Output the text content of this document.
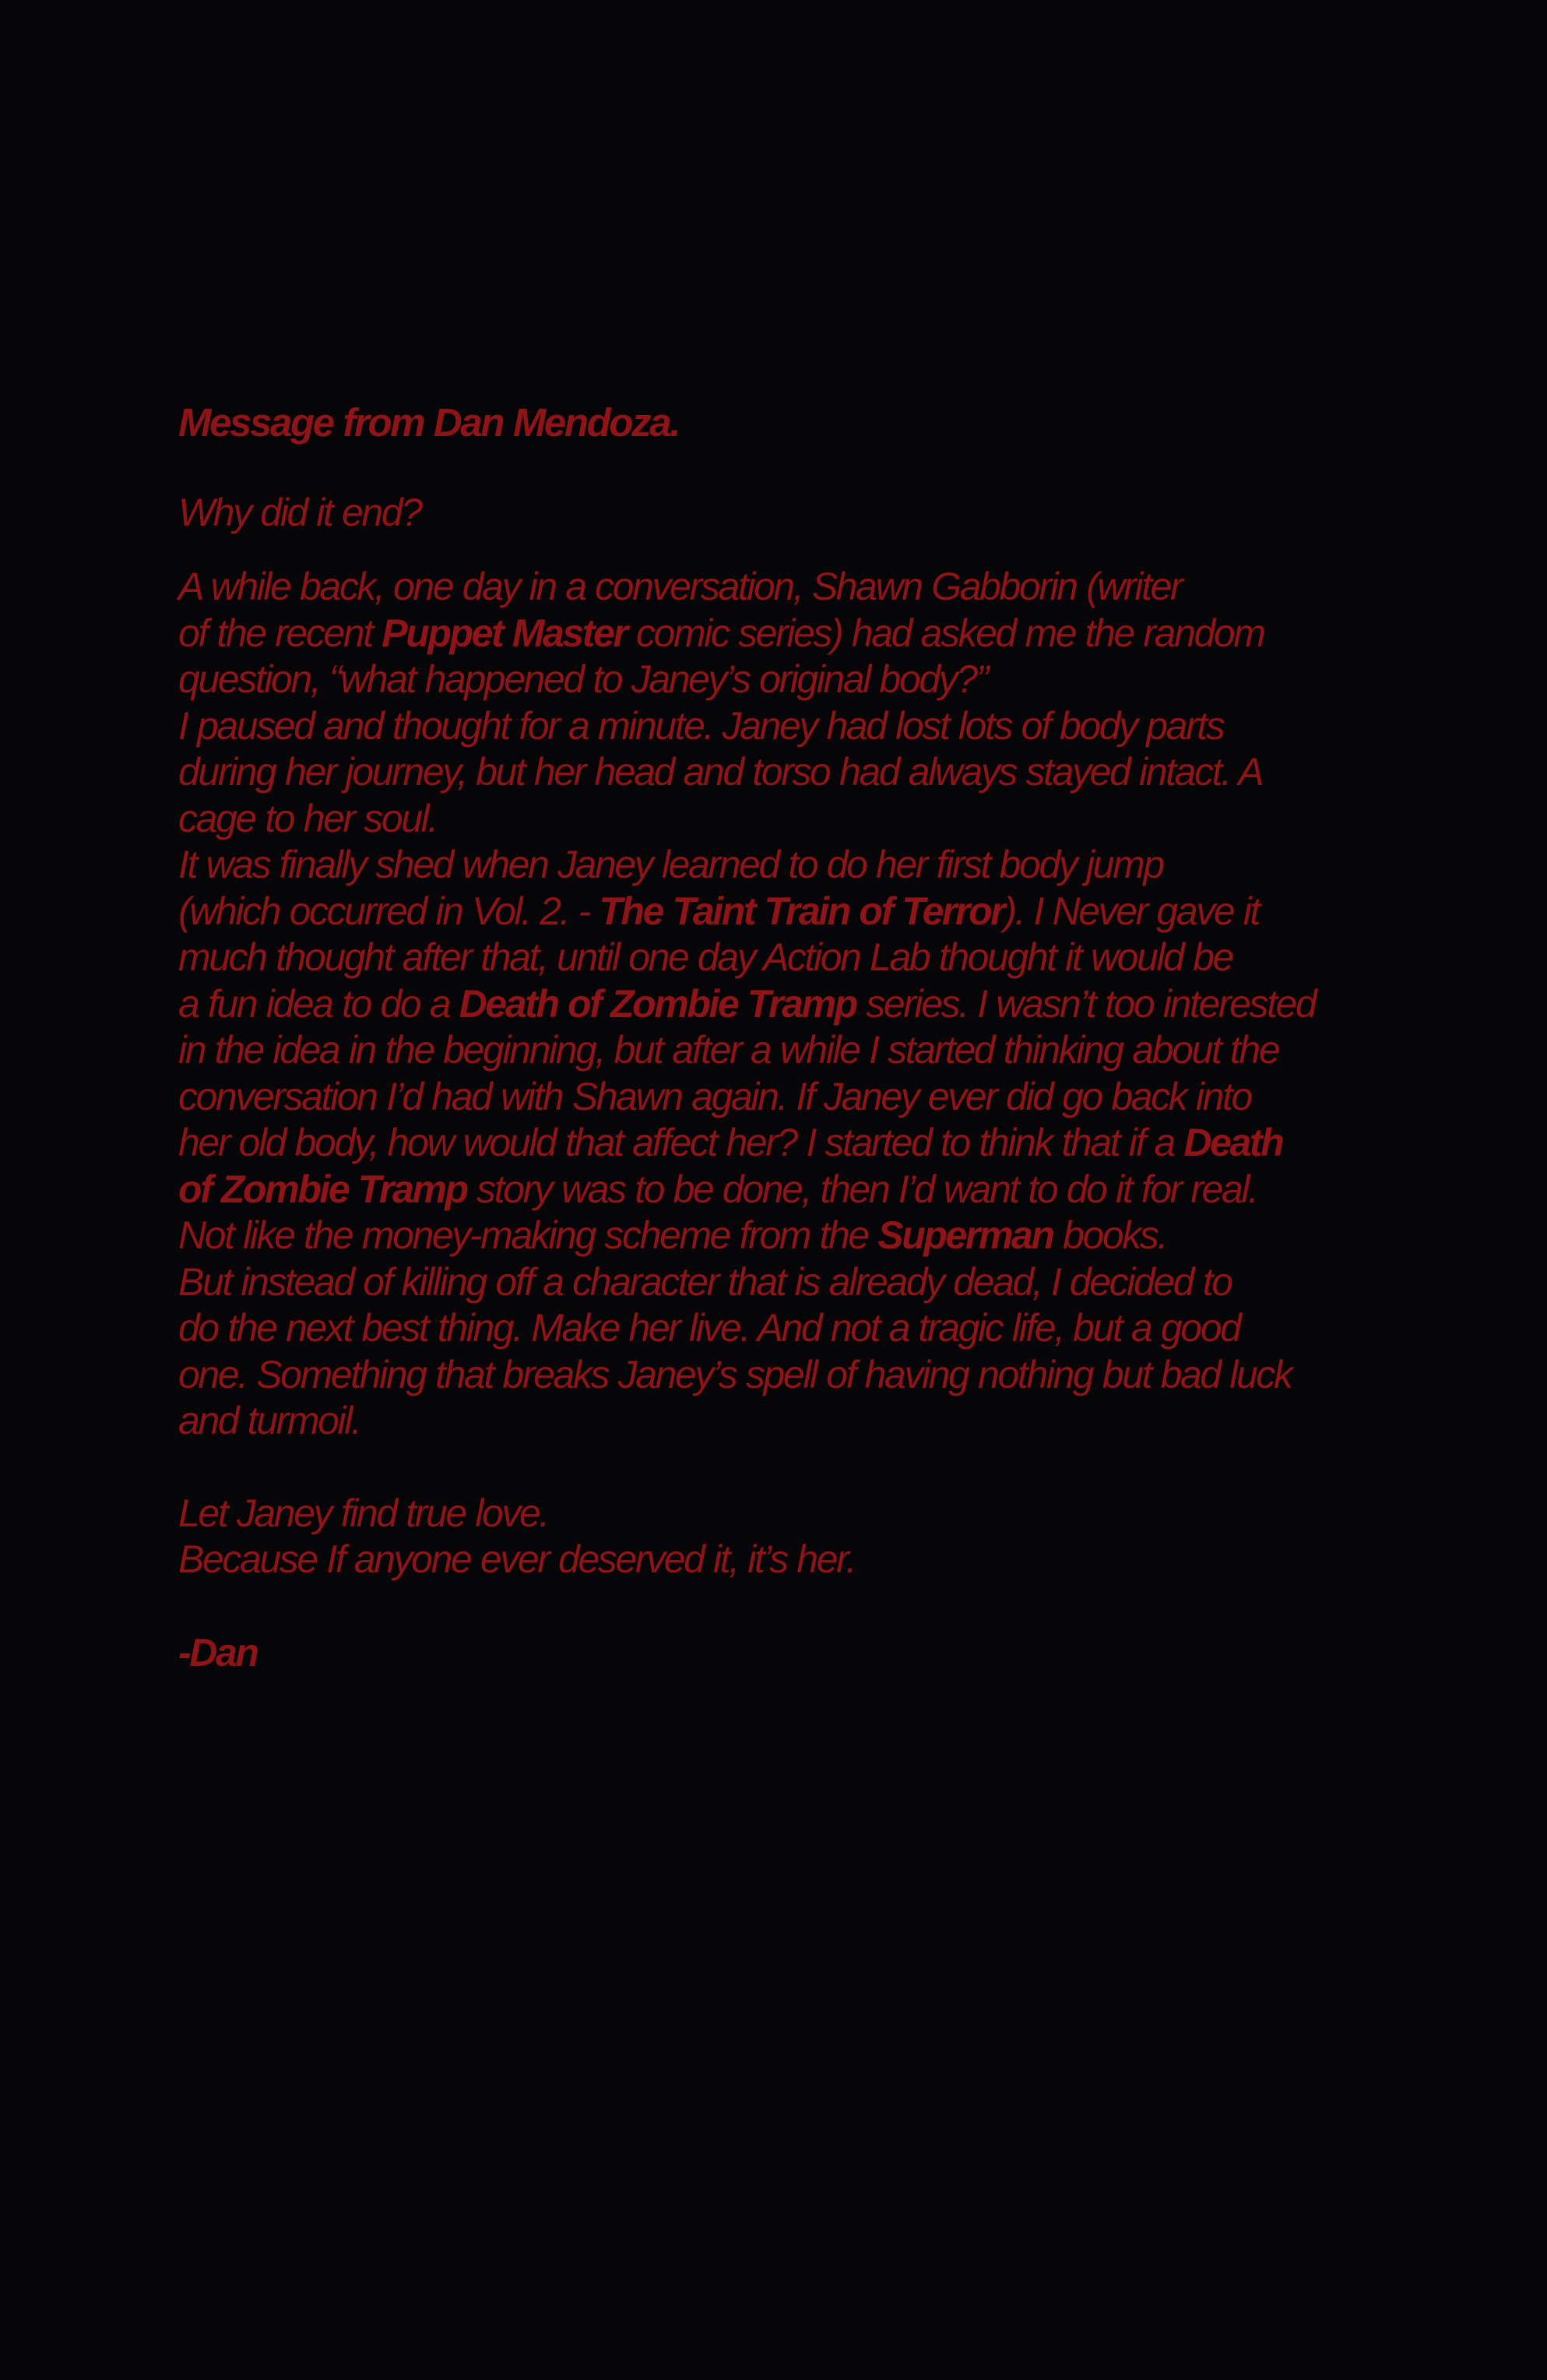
Message from Dan Mendoza.
Why did it end?
A while back, one day in a conversation, Shawn Gabborin (writer
of the recent Puppet Master comic series) had asked me the random
question, “what happened to Janey’s original body?”
I paused and thought for a minute. Janey had lost lots of body parts
during her journey, but her head and torso had always stayed intact. A
cage to her soul.
It was finally shed when Janey learned to do her first body jump
(which occurred in Vol. 2. - The Taint Train of Terror). I Never gave it
much thought after that, until one day Action Lab thought it would be
a fun idea to do a Death of Zombie Tramp series. I wasn’t too interested
in the idea in the beginning, but after a while I started thinking about the
conversation I’d had with Shawn again. If Janey ever did go back into
her old body, how would that affect her? I started to think that if a Death
of Zombie Tramp story was to be done, then I’d want to do it for real.
Not like the money-making scheme from the Superman books.
But instead of killing off a character that is already dead, I decided to
do the next best thing. Make her live. And not a tragic life, but a good
one. Something that breaks Janey’s spell of having nothing but bad luck
and turmoil.
Let Janey find true love.
Because If anyone ever deserved it, it’s her.
-Dan
